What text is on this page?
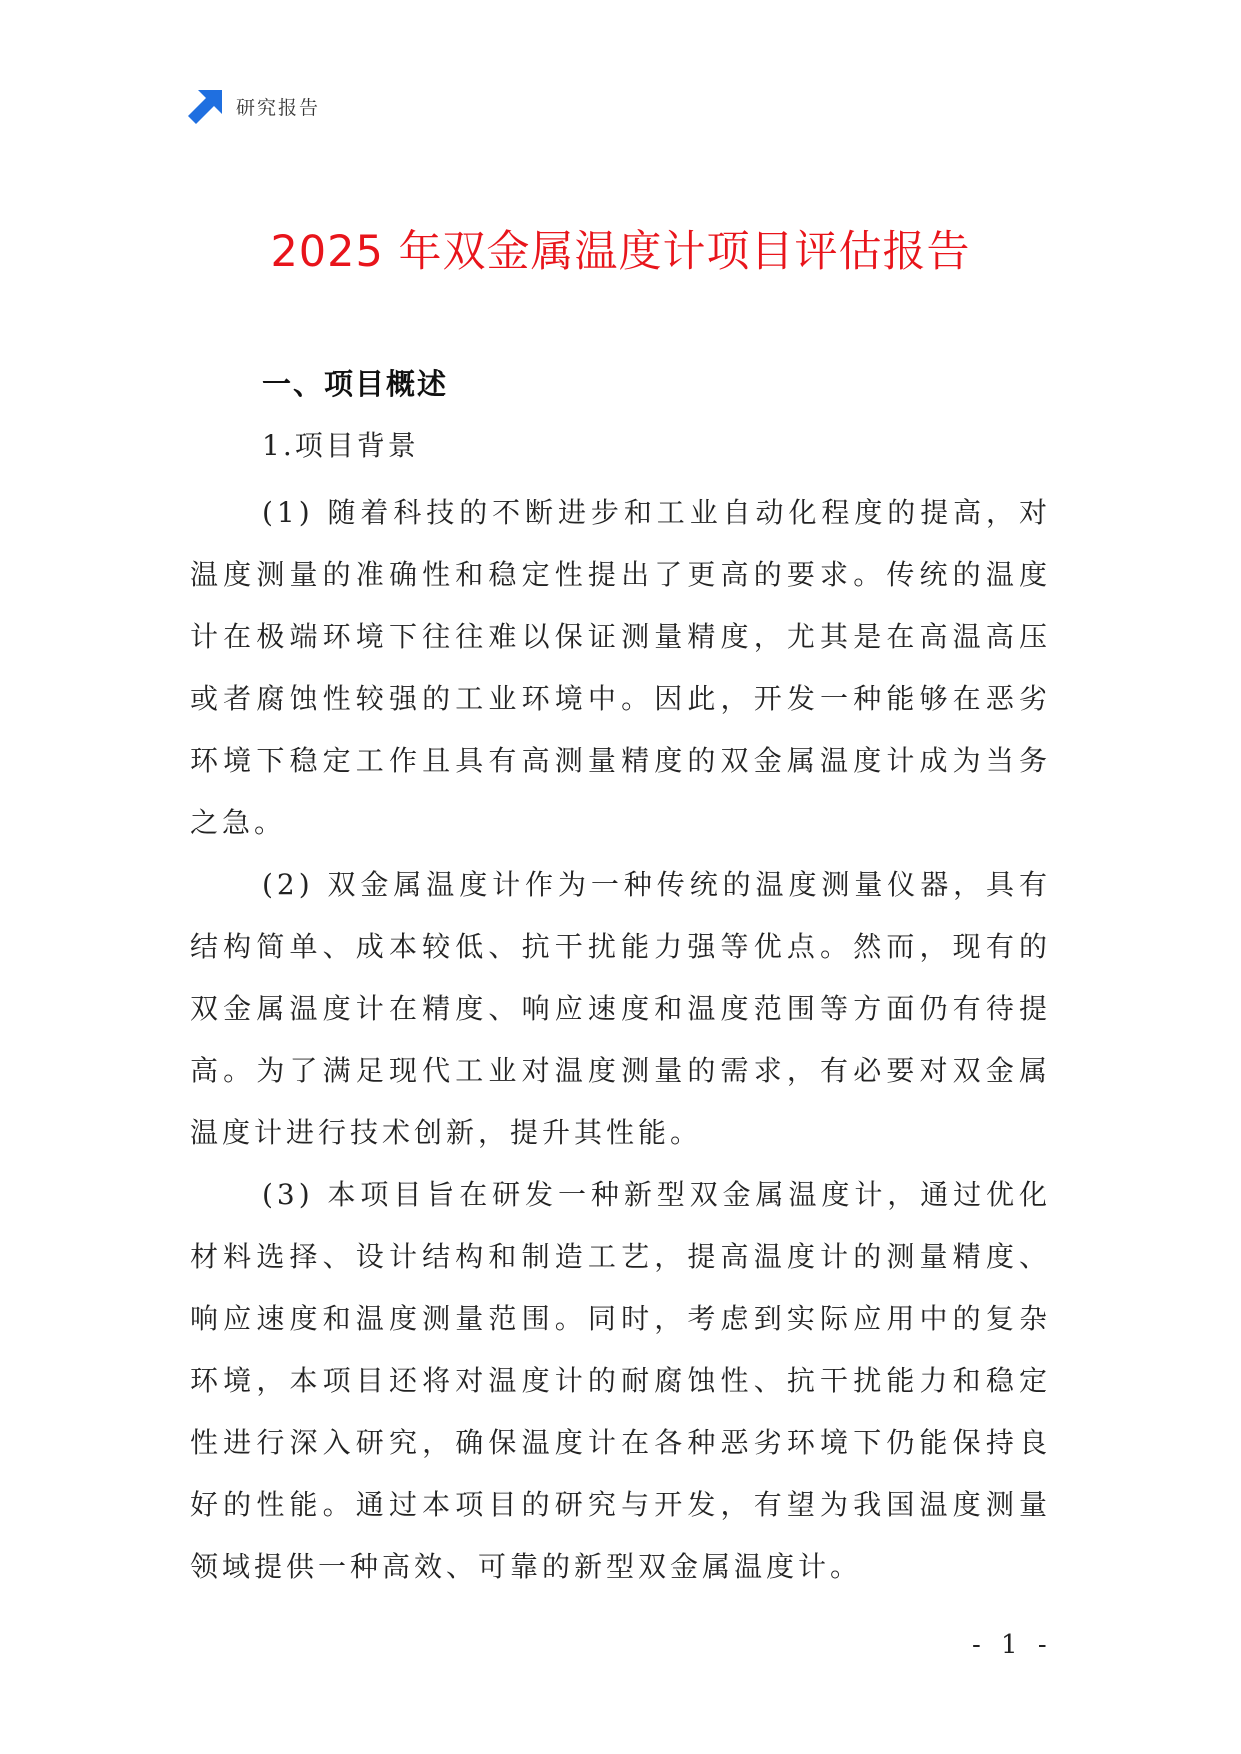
研究报告
2025 年双金属温度计项目评估报告
一、项目概述
1.项目背景

(1) 随着科技的不断进步和工业自动化程度的提高，对温度测量的准确性和稳定性提出了更高的要求。传统的温度计在极端环境下往往难以保证测量精度，尤其是在高温高压或者腐蚀性较强的工业环境中。因此，开发一种能够在恶劣环境下稳定工作且具有高测量精度的双金属温度计成为当务之急。

(2) 双金属温度计作为一种传统的温度测量仪器，具有结构简单、成本较低、抗干扰能力强等优点。然而，现有的双金属温度计在精度、响应速度和温度范围等方面仍有待提高。为了满足现代工业对温度测量的需求，有必要对双金属温度计进行技术创新，提升其性能。

(3) 本项目旨在研发一种新型双金属温度计，通过优化材料选择、设计结构和制造工艺，提高温度计的测量精度、响应速度和温度测量范围。同时，考虑到实际应用中的复杂环境，本项目还将对温度计的耐腐蚀性、抗干扰能力和稳定性进行深入研究，确保温度计在各种恶劣环境下仍能保持良好的性能。通过本项目的研究与开发，有望为我国温度测量领域提供一种高效、可靠的新型双金属温度计。

- 1 -
